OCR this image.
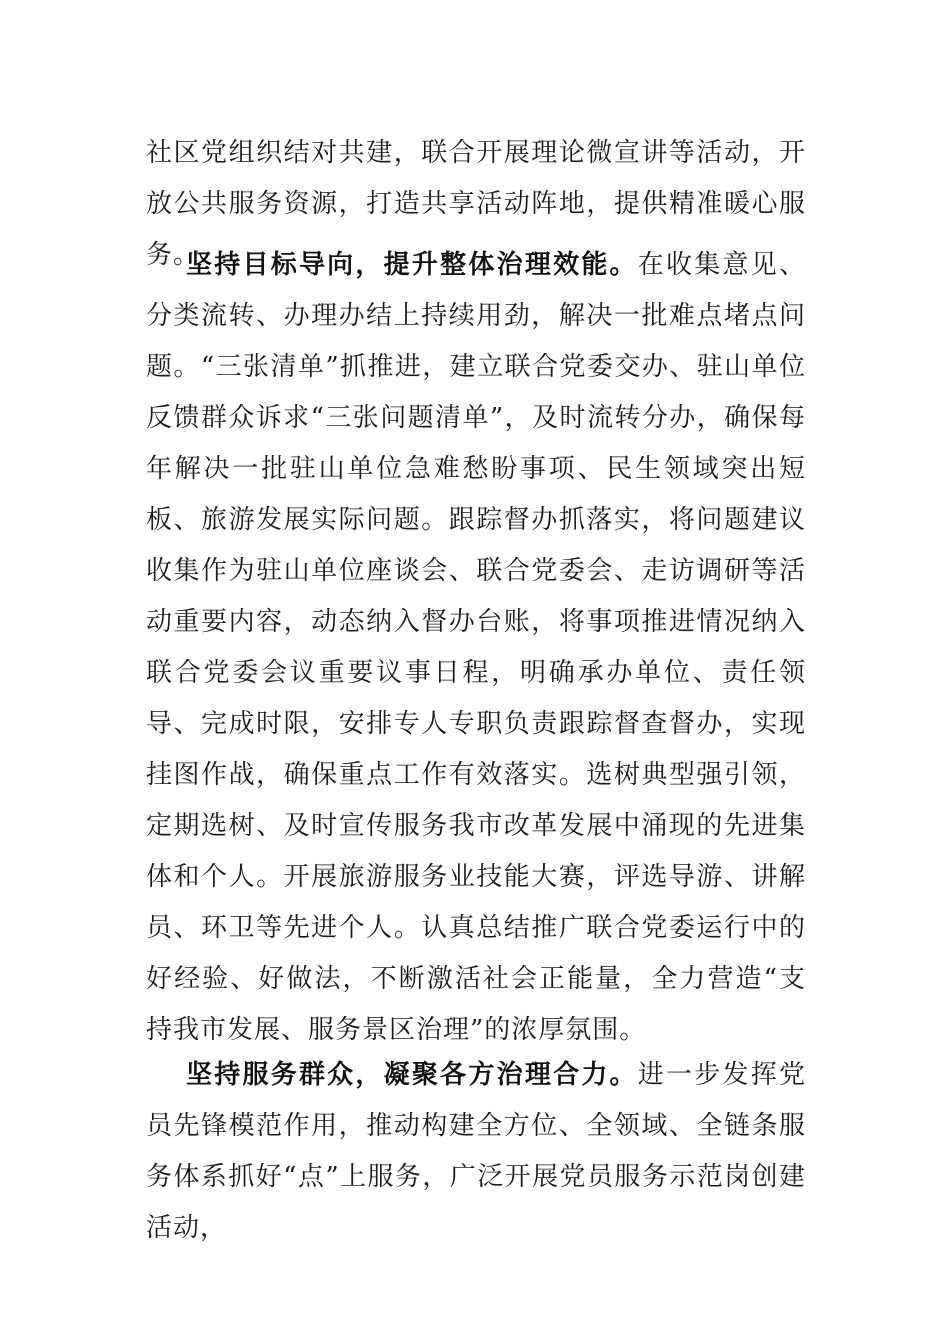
社区党组织结对共建，联合开展理论微宣讲等活动，开放公共服务资源，打造共享活动阵地，提供精准暖心服务。

坚持目标导向，提升整体治理效能。在收集意见、分类流转、办理办结上持续用劲，解决一批难点堵点问题。“三张清单”抓推进，建立联合党委交办、驻山单位反馈群众诉求“三张问题清单”，及时流转分办，确保每年解决一批驻山单位急难愁盼事项、民生领域突出短板、旅游发展实际问题。跟踪督办抓落实，将问题建议收集作为驻山单位座谈会、联合党委会、走访调研等活动重要内容，动态纳入督办台账，将事项推进情况纳入联合党委会议重要议事日程，明确承办单位、责任领导、完成时限，安排专人专职负责跟踪督查督办，实现挂图作战，确保重点工作有效落实。选树典型强引领，定期选树、及时宣传服务我市改革发展中涌现的先进集体和个人。开展旅游服务业技能大赛，评选导游、讲解员、环卫等先进个人。认真总结推广联合党委运行中的好经验、好做法，不断激活社会正能量，全力营造“支持我市发展、服务景区治理”的浓厚氛围。

坚持服务群众，凝聚各方治理合力。进一步发挥党员先锋模范作用，推动构建全方位、全领域、全链条服务体系抓好“点”上服务，广泛开展党员服务示范岗创建活动，
